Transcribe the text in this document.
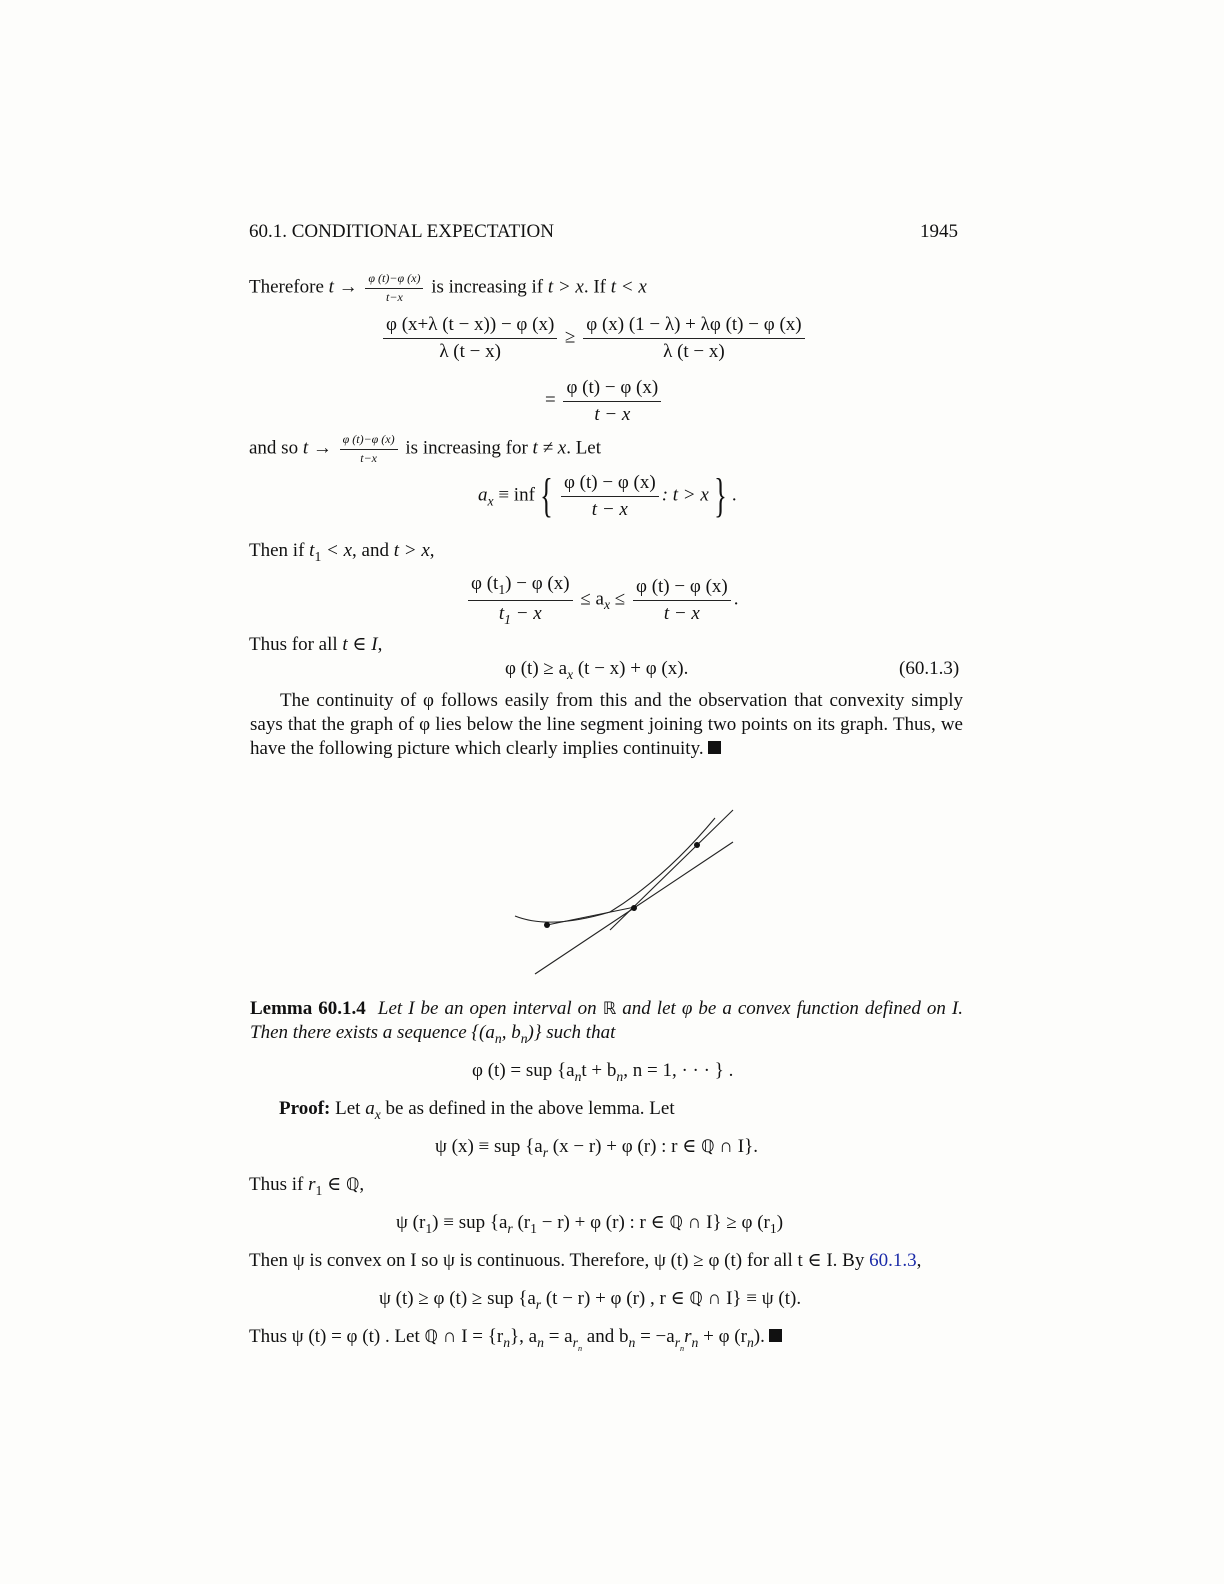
60.1. CONDITIONAL EXPECTATION	1945
Therefore $t \to \frac{\varphi (t)-\varphi (x)}{t-x}$ is increasing if t > x. If t < x
$\frac{\varphi (x+\lambda (t - x)) - \varphi (x)}{\lambda (t - x)} \ge \frac{\varphi (x) (1 - \lambda) + \lambda\varphi (t) - \varphi (x)}{\lambda (t - x)}$
= $\frac{\varphi (t) - \varphi (x)}{t - x}$
and so $t \to \frac{\varphi (t)-\varphi (x)}{t-x}$ is increasing for t ≠ x. Let
$a_x$ ≡ inf { $\frac{\varphi (t) - \varphi (x)}{t - x}$ : t > x } .
Then if $t_1 < x$, and t > x,
$\frac{\varphi (t_1) - \varphi (x)}{t_1 - x} \le a_x \le \frac{\varphi (t) - \varphi (x)}{t - x}$ .
Thus for all t ∈ I,
φ $(t) \ge a_x$ (t − x) + φ (x).	(60.1.3)
The continuity of φ follows easily from this and the observation that convexity simply says that the graph of φ lies below the line segment joining two points on its graph. Thus, we have the following picture which clearly implies continuity.
Lemma 60.1.4 Let I be an open interval on ℝ and let φ be a convex function defined on I. Then there exists a sequence {($a_n$, $b_n$)} such that
φ (t) = sup {$a_nt + b_n$, n = 1, · · · } .
Proof: Let $a_x$ be as defined in the above lemma. Let
ψ (x) ≡ sup {$a_r$ (x − r) + φ (r) : r ∈ ℚ ∩ I}.
Thus if $r_1$ ∈ ℚ,
ψ $(r_1)$ ≡ sup {$a_r$ $(r_1 - r) + \varphi$ (r) : r ∈ ℚ ∩ I} ≥ φ $(r_1)$
Then ψ is convex on I so ψ is continuous. Therefore, ψ (t) ≥ φ (t) for all t ∈ I. By 60.1.3,
ψ (t) ≥ φ (t) ≥ sup {$a_r$ (t − r) + φ (r) , r ∈ ℚ ∩ I} ≡ ψ (t).
Thus ψ (t) = φ (t) . Let ℚ ∩ $I = \{r_n\}$, $a_n = a_{r_n}$ and $b_n = -a_{r_n}r_n + \varphi$ $(r_n)$.
